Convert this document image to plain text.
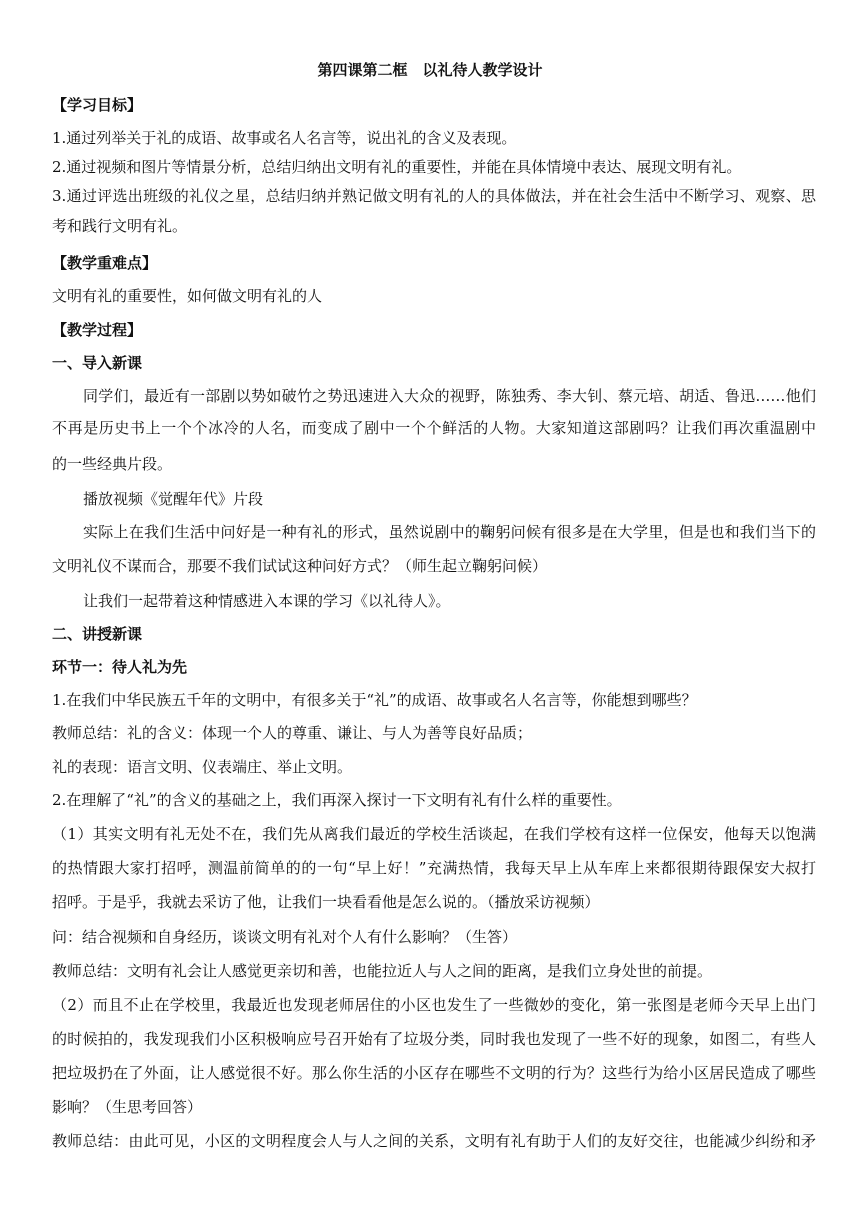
第四课第二框　以礼待人教学设计
【学习目标】
1.通过列举关于礼的成语、故事或名人名言等，说出礼的含义及表现。
2.通过视频和图片等情景分析，总结归纳出文明有礼的重要性，并能在具体情境中表达、展现文明有礼。
3.通过评选出班级的礼仪之星，总结归纳并熟记做文明有礼的人的具体做法，并在社会生活中不断学习、观察、思
考和践行文明有礼。
【教学重难点】
文明有礼的重要性，如何做文明有礼的人
【教学过程】
一、导入新课
同学们，最近有一部剧以势如破竹之势迅速进入大众的视野，陈独秀、李大钊、蔡元培、胡适、鲁迅……他们
不再是历史书上一个个冰冷的人名，而变成了剧中一个个鲜活的人物。大家知道这部剧吗？让我们再次重温剧中
的一些经典片段。
播放视频《觉醒年代》片段
实际上在我们生活中问好是一种有礼的形式，虽然说剧中的鞠躬问候有很多是在大学里，但是也和我们当下的
文明礼仪不谋而合，那要不我们试试这种问好方式？（师生起立鞠躬问候）
让我们一起带着这种情感进入本课的学习《以礼待人》。
二、讲授新课
环节一：待人礼为先
1.在我们中华民族五千年的文明中，有很多关于“礼”的成语、故事或名人名言等，你能想到哪些？
教师总结：礼的含义：体现一个人的尊重、谦让、与人为善等良好品质；
礼的表现：语言文明、仪表端庄、举止文明。
2.在理解了“礼”的含义的基础之上，我们再深入探讨一下文明有礼有什么样的重要性。
（1）其实文明有礼无处不在，我们先从离我们最近的学校生活谈起，在我们学校有这样一位保安，他每天以饱满
的热情跟大家打招呼，测温前简单的的一句“早上好！”充满热情，我每天早上从车库上来都很期待跟保安大叔打
招呼。于是乎，我就去采访了他，让我们一块看看他是怎么说的。（播放采访视频）
问：结合视频和自身经历，谈谈文明有礼对个人有什么影响？（生答）
教师总结：文明有礼会让人感觉更亲切和善，也能拉近人与人之间的距离，是我们立身处世的前提。
（2）而且不止在学校里，我最近也发现老师居住的小区也发生了一些微妙的变化，第一张图是老师今天早上出门
的时候拍的，我发现我们小区积极响应号召开始有了垃圾分类，同时我也发现了一些不好的现象，如图二，有些人
把垃圾扔在了外面，让人感觉很不好。那么你生活的小区存在哪些不文明的行为？这些行为给小区居民造成了哪些
影响？（生思考回答）
教师总结：由此可见，小区的文明程度会人与人之间的关系，文明有礼有助于人们的友好交往，也能减少纠纷和矛
